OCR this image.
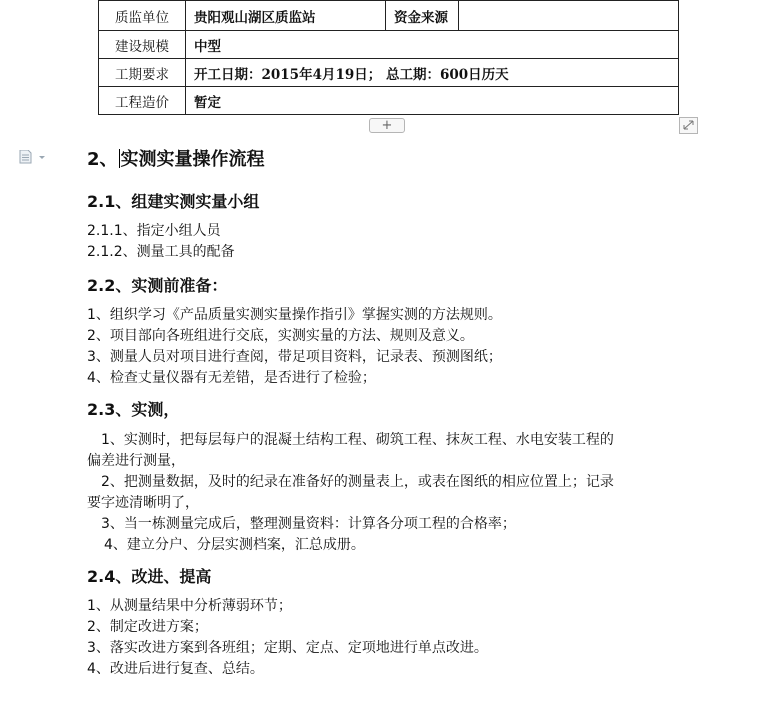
质监单位	贵阳观山湖区质监站	资金来源	
建设规模	中型		
工期要求	开工日期：2015年4月19日； 总工期：600日历天		
工程造价	暂定		
+
2、 实测实量操作流程
2.1、组建实测实量小组
2.1.1、指定小组人员
2.1.2、测量工具的配备
2.2、实测前准备：
1、组织学习《产品质量实测实量操作指引》掌握实测的方法规则。
2、项目部向各班组进行交底，实测实量的方法、规则及意义。
3、测量人员对项目进行查阅，带足项目资料，记录表、预测图纸；
4、检查丈量仪器有无差错，是否进行了检验；
2.3、实测，
1、实测时，把每层每户的混凝土结构工程、砌筑工程、抹灰工程、水电安装工程的
偏差进行测量，
2、把测量数据，及时的纪录在准备好的测量表上，或表在图纸的相应位置上；记录
要字迹清晰明了，
3、当一栋测量完成后，整理测量资料：计算各分项工程的合格率；
4、建立分户、分层实测档案，汇总成册。
2.4、改进、提高
1、从测量结果中分析薄弱环节；
2、制定改进方案；
3、落实改进方案到各班组；定期、定点、定项地进行单点改进。
4、改进后进行复查、总结。
